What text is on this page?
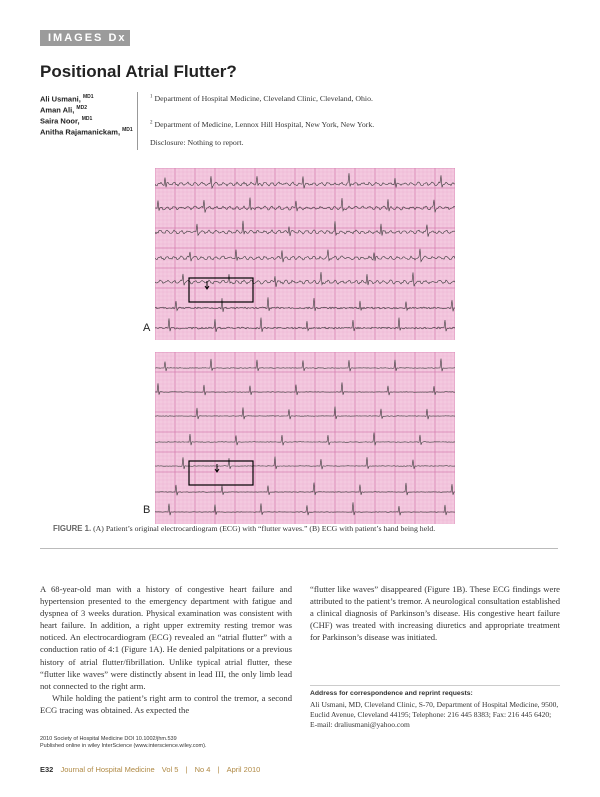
IMAGES Dx
Positional Atrial Flutter?
Ali Usmani, $^{MD1}$
Aman Ali, $^{MD2}$
Saira Noor, $^{MD1}$
Anitha Rajamanickam, $^{MD1}$
$^1$ Department of Hospital Medicine, Cleveland Clinic, Cleveland, Ohio.
$^2$ Department of Medicine, Lennox Hill Hospital, New York, New York.
Disclosure: Nothing to report.
A
B
FIGURE 1. (A) Patient’s original electrocardiogram (ECG) with “flutter waves.” (B) ECG with patient’s hand being held.
A 68-year-old man with a history of congestive heart failure and hypertension presented to the emergency department with fatigue and dyspnea of 3 weeks duration. Physical examination was consistent with heart failure. In addition, a right upper extremity resting tremor was noticed. An electrocardiogram (ECG) revealed an “atrial flutter” with a conduction ratio of 4:1 (Figure 1A). He denied palpitations or a previous history of atrial flutter/fibrillation. Unlike typical atrial flutter, these “flutter like waves” were distinctly absent in lead III, the only limb lead not connected to the right arm.
While holding the patient’s right arm to control the tremor, a second ECG tracing was obtained. As expected the
“flutter like waves” disappeared (Figure 1B). These ECG findings were attributed to the patient’s tremor. A neurological consultation established a clinical diagnosis of Parkinson’s disease. His congestive heart failure (CHF) was treated with increasing diuretics and appropriate treatment for Parkinson’s disease was initiated.
Address for correspondence and reprint requests:
Ali Usmani, MD, Cleveland Clinic, S-70, Department of Hospital Medicine, 9500, Euclid Avenue, Cleveland 44195; Telephone: 216 445 8383; Fax: 216 445 6420; E-mail: draliusmani@yahoo.com
2010 Society of Hospital Medicine DOI 10.1002/jhm.539
Published online in wiley InterScience (www.interscience.wiley.com).
E32 Journal of Hospital Medicine Vol 5 | No 4 | April 2010
